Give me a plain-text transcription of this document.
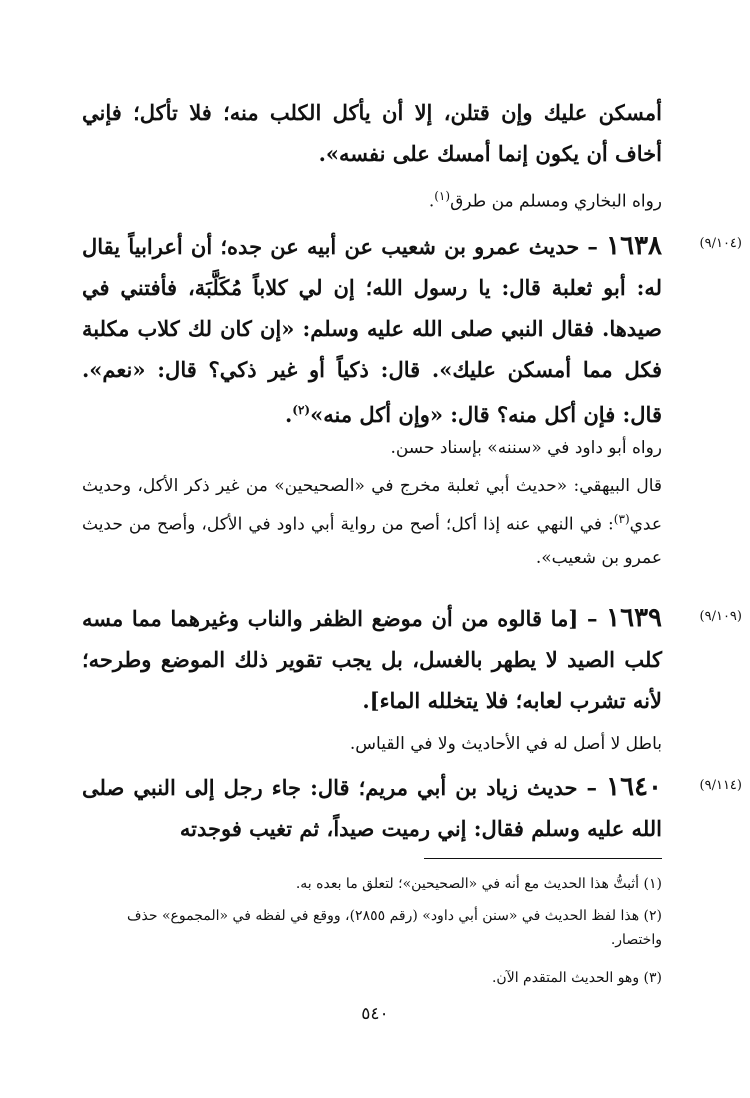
أمسكن عليك وإن قتلن، إلا أن يأكل الكلب منه؛ فلا تأكل؛ فإني أخاف أن يكون إنما أمسك على نفسه».
رواه البخاري ومسلم من طرق$^{(١)}$.
(٩/١٠٤)
١٦٣٨ – حديث عمرو بن شعيب عن أبيه عن جده؛ أن أعرابياً يقال له: أبو ثعلبة قال: يا رسول الله؛ إن لي كلاباً مُكَلَّبَة، فأفتني في صيدها. فقال النبي صلى الله عليه وسلم: «إن كان لك كلاب مكلبة فكل مما أمسكن عليك». قال: ذكياً أو غير ذكي؟ قال: «نعم». قال: فإن أكل منه؟ قال: «وإن أكل منه»$^{(٢)}$.
رواه أبو داود في «سننه» بإسناد حسن.
قال البيهقي: «حديث أبي ثعلبة مخرج في «الصحيحين» من غير ذكر الأكل، وحديث عدي$^{(٣)}$: في النهي عنه إذا أكل؛ أصح من رواية أبي داود في الأكل، وأصح من حديث عمرو بن شعيب».
(٩/١٠٩)
١٦٣٩ – [ما قالوه من أن موضع الظفر والناب وغيرهما مما مسه كلب الصيد لا يطهر بالغسل، بل يجب تقوير ذلك الموضع وطرحه؛ لأنه تشرب لعابه؛ فلا يتخلله الماء].
باطل لا أصل له في الأحاديث ولا في القياس.
(٩/١١٤)
١٦٤٠ – حديث زياد بن أبي مريم؛ قال: جاء رجل إلى النبي صلى الله عليه وسلم فقال: إني رميت صيداً، ثم تغيب فوجدته
(١) أثبتُّ هذا الحديث مع أنه في «الصحيحين»؛ لتعلق ما بعده به.
(٢) هذا لفظ الحديث في «سنن أبي داود» (رقم ٢٨٥٥)، ووقع في لفظه في «المجموع» حذف واختصار.
(٣) وهو الحديث المتقدم الآن.
٥٤٠
